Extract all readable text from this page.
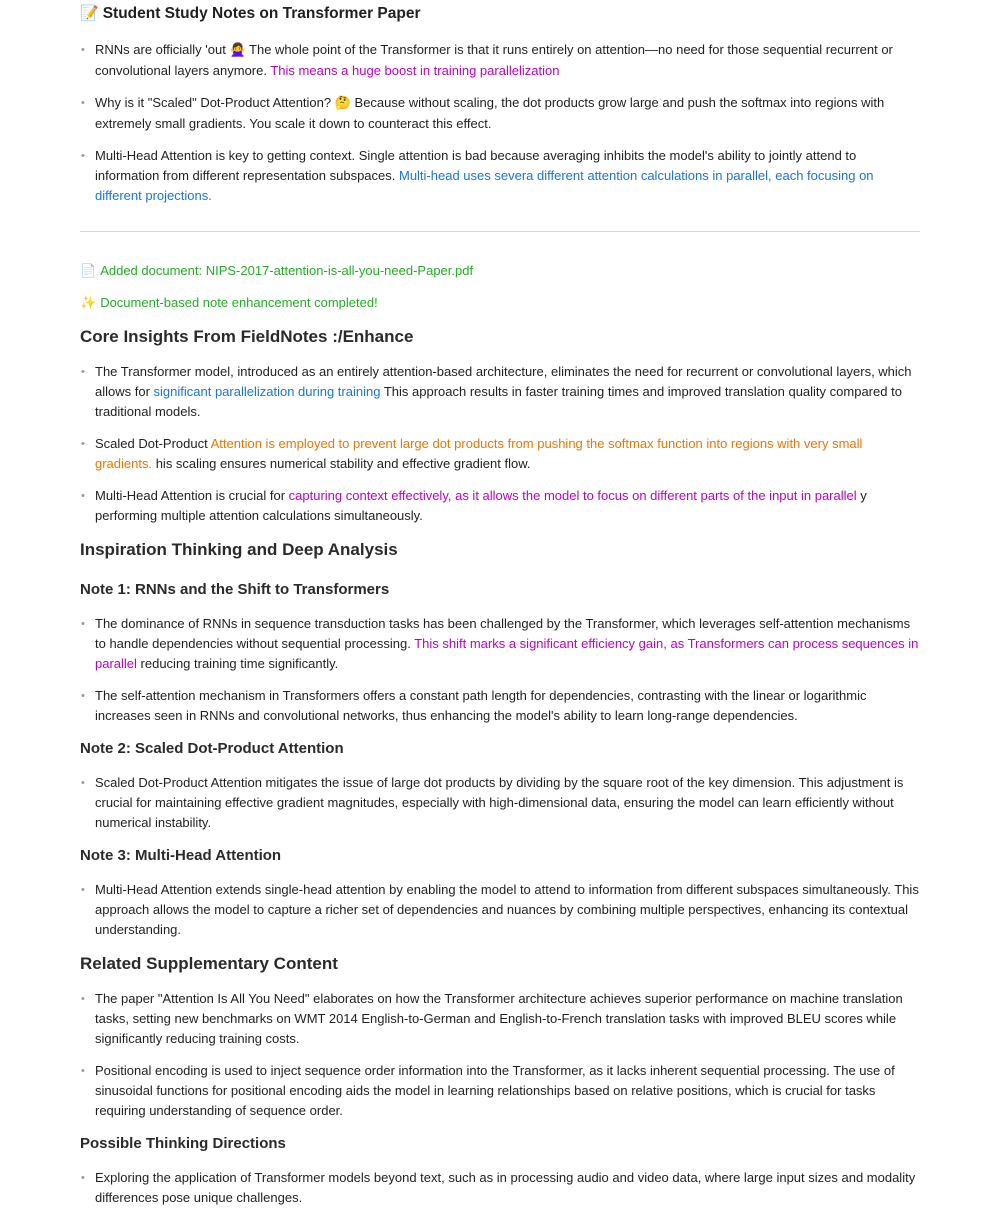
📝 Student Study Notes on Transformer Paper
• RNNs are officially 'out 🙅‍♀️ The whole point of the Transformer is that it runs entirely on attention—no need for those sequential recurrent or convolutional layers anymore. This means a huge boost in training parallelization
• Why is it "Scaled" Dot-Product Attention? 🤔 Because without scaling, the dot products grow large and push the softmax into regions with extremely small gradients. You scale it down to counteract this effect.
• Multi-Head Attention is key to getting context. Single attention is bad because averaging inhibits the model's ability to jointly attend to information from different representation subspaces. Multi-head uses severa different attention calculations in parallel, each focusing on different projections.
📄 Added document: NIPS-2017-attention-is-all-you-need-Paper.pdf
✨ Document-based note enhancement completed!
Core Insights From FieldNotes :/Enhance
• The Transformer model, introduced as an entirely attention-based architecture, eliminates the need for recurrent or convolutional layers, which allows for significant parallelization during training This approach results in faster training times and improved translation quality compared to traditional models.
• Scaled Dot-Product Attention is employed to prevent large dot products from pushing the softmax function into regions with very small gradients. his scaling ensures numerical stability and effective gradient flow.
• Multi-Head Attention is crucial for capturing context effectively, as it allows the model to focus on different parts of the input in parallel y performing multiple attention calculations simultaneously.
Inspiration Thinking and Deep Analysis
Note 1: RNNs and the Shift to Transformers
• The dominance of RNNs in sequence transduction tasks has been challenged by the Transformer, which leverages self-attention mechanisms to handle dependencies without sequential processing. This shift marks a significant efficiency gain, as Transformers can process sequences in parallel reducing training time significantly.
• The self-attention mechanism in Transformers offers a constant path length for dependencies, contrasting with the linear or logarithmic increases seen in RNNs and convolutional networks, thus enhancing the model's ability to learn long-range dependencies.
Note 2: Scaled Dot-Product Attention
• Scaled Dot-Product Attention mitigates the issue of large dot products by dividing by the square root of the key dimension. This adjustment is crucial for maintaining effective gradient magnitudes, especially with high-dimensional data, ensuring the model can learn efficiently without numerical instability.
Note 3: Multi-Head Attention
• Multi-Head Attention extends single-head attention by enabling the model to attend to information from different subspaces simultaneously. This approach allows the model to capture a richer set of dependencies and nuances by combining multiple perspectives, enhancing its contextual understanding.
Related Supplementary Content
• The paper "Attention Is All You Need" elaborates on how the Transformer architecture achieves superior performance on machine translation tasks, setting new benchmarks on WMT 2014 English-to-German and English-to-French translation tasks with improved BLEU scores while significantly reducing training costs.
• Positional encoding is used to inject sequence order information into the Transformer, as it lacks inherent sequential processing. The use of sinusoidal functions for positional encoding aids the model in learning relationships based on relative positions, which is crucial for tasks requiring understanding of sequence order.
Possible Thinking Directions
• Exploring the application of Transformer models beyond text, such as in processing audio and video data, where large input sizes and modality differences pose unique challenges.
